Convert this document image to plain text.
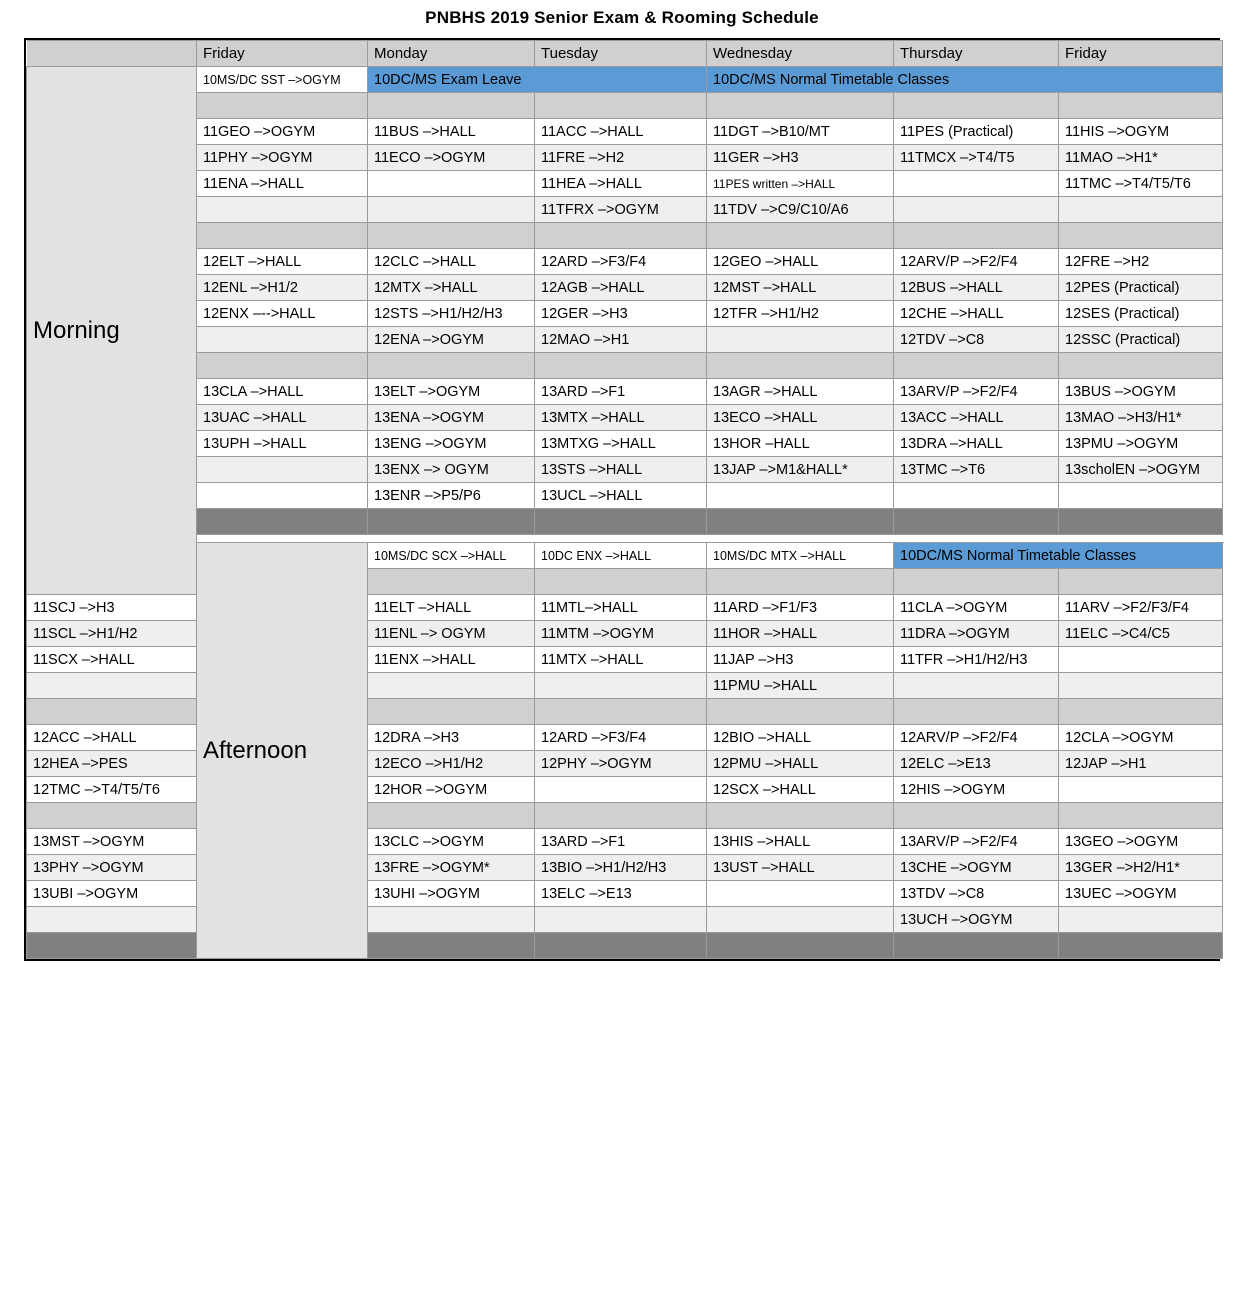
PNBHS 2019 Senior Exam & Rooming Schedule
	Friday	Monday	Tuesday	Wednesday	Thursday	Friday	
Morning	10MS/DC SST –>OGYM	10DC/MS Exam Leave		10DC/MS Normal Timetable Classes			

	11GEO –>OGYM	11BUS –>HALL	11ACC –>HALL	11DGT –>B10/MT	11PES (Practical)	11HIS –>OGYM	
	11PHY –>OGYM	11ECO –>OGYM	11FRE –>H2	11GER –>H3	11TMCX –>T4/T5	11MAO –>H1*	
	11ENA –>HALL		11HEA –>HALL	11PES written –>HALL		11TMC –>T4/T5/T6	
			11TFRX –>OGYM	11TDV –>C9/C10/A6			

	12ELT –>HALL	12CLC –>HALL	12ARD –>F3/F4	12GEO –>HALL	12ARV/P –>F2/F4	12FRE –>H2	
	12ENL –>H1/2	12MTX –>HALL	12AGB –>HALL	12MST –>HALL	12BUS –>HALL	12PES (Practical)	
	12ENX –-->HALL	12STS –>H1/H2/H3	12GER –>H3	12TFR –>H1/H2	12CHE –>HALL	12SES (Practical)	
		12ENA –>OGYM	12MAO –>H1		12TDV –>C8	12SSC (Practical)	

	13CLA –>HALL	13ELT –>OGYM	13ARD –>F1	13AGR –>HALL	13ARV/P –>F2/F4	13BUS –>OGYM	
	13UAC –>HALL	13ENA –>OGYM	13MTX –>HALL	13ECO –>HALL	13ACC –>HALL	13MAO –>H3/H1*	
	13UPH –>HALL	13ENG –>OGYM	13MTXG –>HALL	13HOR –HALL	13DRA –>HALL	13PMU –>OGYM	
		13ENX –> OGYM	13STS –>HALL	13JAP –>M1&HALL*	13TMC –>T6	13scholEN –>OGYM	
		13ENR –>P5/P6	13UCL –>HALL				

	Afternoon	10MS/DC SCX –>HALL	10DC ENX –>HALL	10MS/DC MTX –>HALL	10DC/MS Normal Timetable Classes		

11SCJ –>H3		11ELT –>HALL	11MTL–>HALL	11ARD –>F1/F3	11CLA –>OGYM	11ARV –>F2/F3/F4	
11SCL –>H1/H2		11ENL –> OGYM	11MTM –>OGYM	11HOR –>HALL	11DRA –>OGYM	11ELC –>C4/C5	
11SCX –>HALL		11ENX –>HALL	11MTX –>HALL	11JAP –>H3	11TFR –>H1/H2/H3		
				11PMU –>HALL			

12ACC –>HALL		12DRA –>H3	12ARD –>F3/F4	12BIO –>HALL	12ARV/P –>F2/F4	12CLA –>OGYM	
12HEA –>PES		12ECO –>H1/H2	12PHY –>OGYM	12PMU –>HALL	12ELC –>E13	12JAP –>H1	
12TMC –>T4/T5/T6		12HOR –>OGYM		12SCX –>HALL	12HIS –>OGYM		

13MST –>OGYM		13CLC –>OGYM	13ARD –>F1	13HIS –>HALL	13ARV/P –>F2/F4	13GEO –>OGYM	
13PHY –>OGYM		13FRE –>OGYM*	13BIO –>H1/H2/H3	13UST –>HALL	13CHE –>OGYM	13GER –>H2/H1*	
13UBI –>OGYM		13UHI –>OGYM	13ELC –>E13		13TDV –>C8	13UEC –>OGYM	
					13UCH –>OGYM		
